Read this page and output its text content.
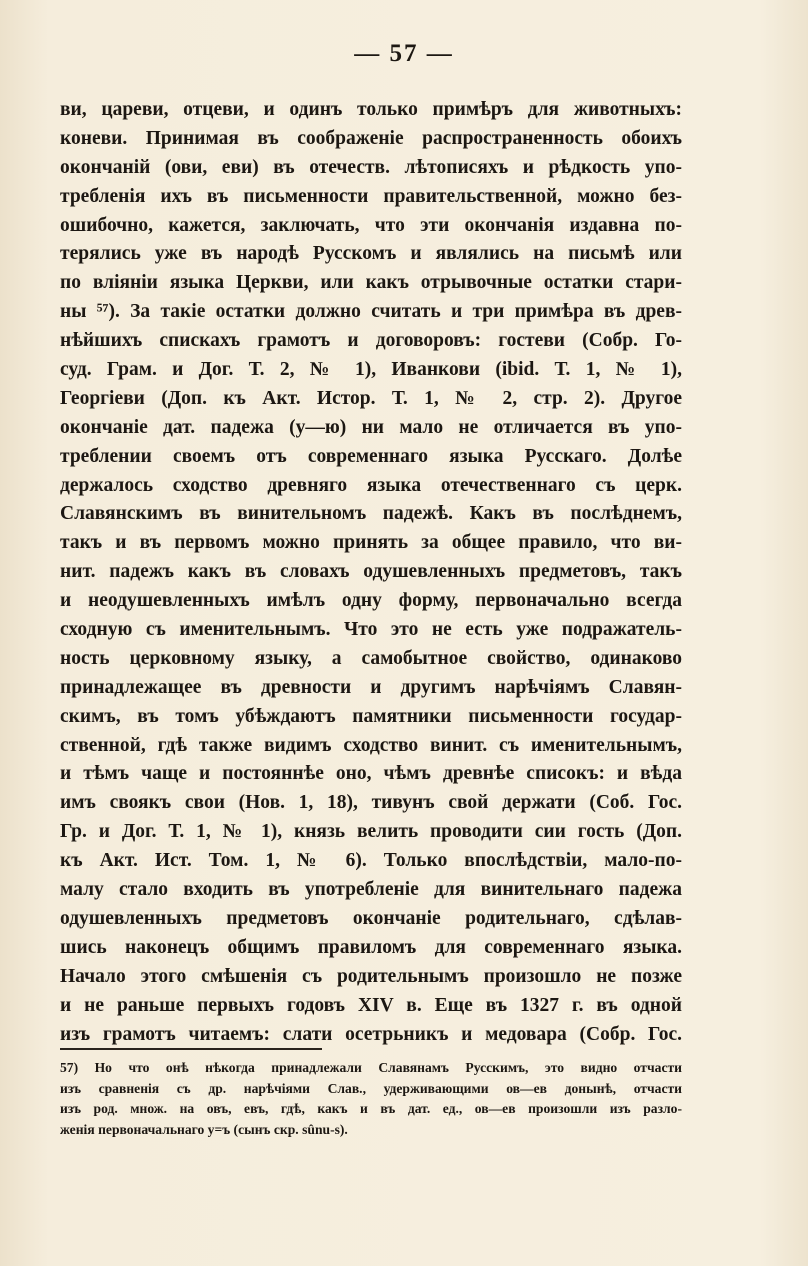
— 57 —
ви, цареви, отцеви, и одинъ только примѣръ для животныхъ:
коневи. Принимая въ соображеніе распространенность обоихъ
окончаній (ови, еви) въ отечеств. лѣтописяхъ и рѣдкость упо-
требленія ихъ въ письменности правительственной, можно без-
ошибочно, кажется, заключать, что эти окончанія издавна по-
терялись уже въ народѣ Русскомъ и являлись на письмѣ или
по вліяніи языка Церкви, или какъ отрывочные остатки стари-
ны ⁵⁷). За такіе остатки должно считать и три примѣра въ древ-
нѣйшихъ спискахъ грамотъ и договоровъ: гостеви (Собр. Го-
суд. Грам. и Дог. Т. 2, № 1), Иванкови (ibid. Т. 1, № 1),
Георгіеви (Доп. къ Акт. Истор. Т. 1, № 2, стр. 2). Другое
окончаніе дат. падежа (у—ю) ни мало не отличается въ упо-
треблении своемъ отъ современнаго языка Русскаго. Долѣе
держалось сходство древняго языка отечественнаго съ церк.
Славянскимъ въ винительномъ падежѣ. Какъ въ послѣднемъ,
такъ и въ первомъ можно принять за общее правило, что ви-
нит. падежъ какъ въ словахъ одушевленныхъ предметовъ, такъ
и неодушевленныхъ имѣлъ одну форму, первоначально всегда
сходную съ именительнымъ. Что это не есть уже подражатель-
ность церковному языку, а самобытное свойство, одинаково
принадлежащее въ древности и другимъ нарѣчіямъ Славян-
скимъ, въ томъ убѣждаютъ памятники письменности государ-
ственной, гдѣ также видимъ сходство винит. съ именительнымъ,
и тѣмъ чаще и постояннѣе оно, чѣмъ древнѣе списокъ: и вѣда
имъ своякъ свои (Нов. 1, 18), тивунъ свой держати (Соб. Гос.
Гр. и Дог. Т. 1, № 1), князь велить проводити сии гость (Доп.
къ Акт. Ист. Том. 1, № 6). Только впослѣдствіи, мало-по-
малу стало входить въ употребленіе для винительнаго падежа
одушевленныхъ предметовъ окончаніе родительнаго, сдѣлав-
шись наконецъ общимъ правиломъ для современнаго языка.
Начало этого смѣшенія съ родительнымъ произошло не позже
и не раньше первыхъ годовъ XIV в. Еще въ 1327 г. въ одной
изъ грамотъ читаемъ: слати осетрьникъ и медовара (Собр. Гос.
57) Но что онѣ нѣкогда принадлежали Славянамъ Русскимъ, это видно отчасти
изъ сравненія съ др. нарѣчіями Слав., удерживающими ов—ев донынѣ, отчасти
изъ род. множ. на овъ, евъ, гдѣ, какъ и въ дат. ед., ов—ев произошли изъ разло-
женія первоначальнаго у=ъ (сынъ скр. sûnu-s).
